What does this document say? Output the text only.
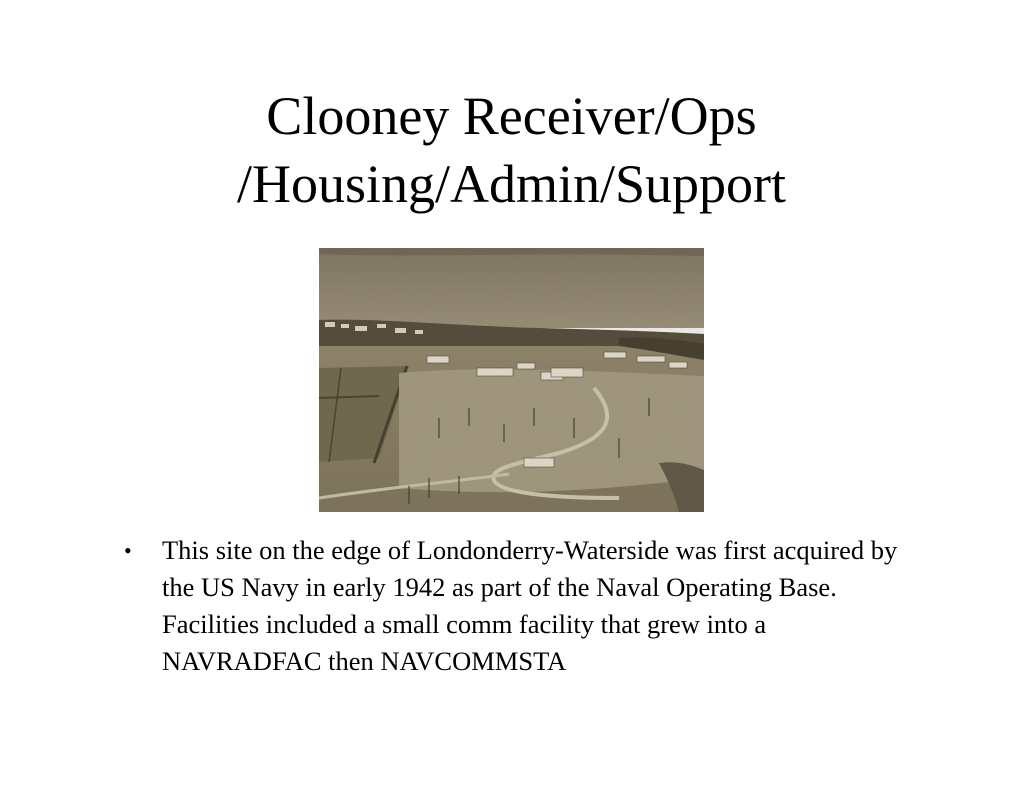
Clooney Receiver/Ops
/Housing/Admin/Support
• This site on the edge of Londonderry-Waterside was first acquired by the US Navy in early 1942 as part of the Naval Operating Base. Facilities included a small comm facility that grew into a NAVRADFAC then NAVCOMMSTA
